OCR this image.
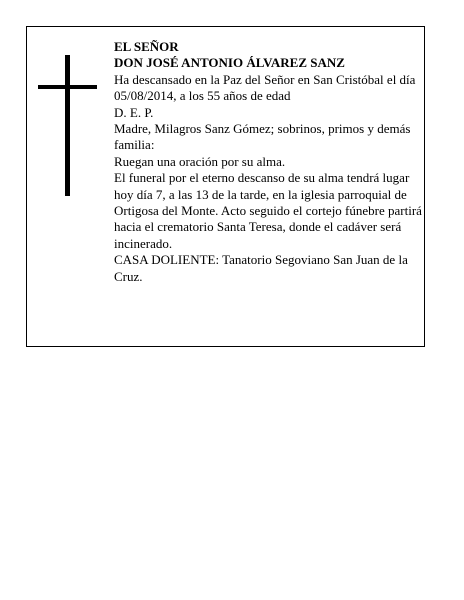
EL SEÑOR

DON JOSÉ ANTONIO ÁLVAREZ SANZ

Ha descansado en la Paz del Señor en San Cristóbal el día 05/08/2014, a los 55 años de edad

D. E. P.

Madre, Milagros Sanz Gómez; sobrinos, primos y demás familia:

Ruegan una oración por su alma.

El funeral por el eterno descanso de su alma tendrá lugar hoy día 7, a las 13 de la tarde, en la iglesia parroquial de Ortigosa del Monte. Acto seguido el cortejo fúnebre partirá hacia el crematorio Santa Teresa, donde el cadáver será incinerado.

CASA DOLIENTE: Tanatorio Segoviano San Juan de la Cruz.
